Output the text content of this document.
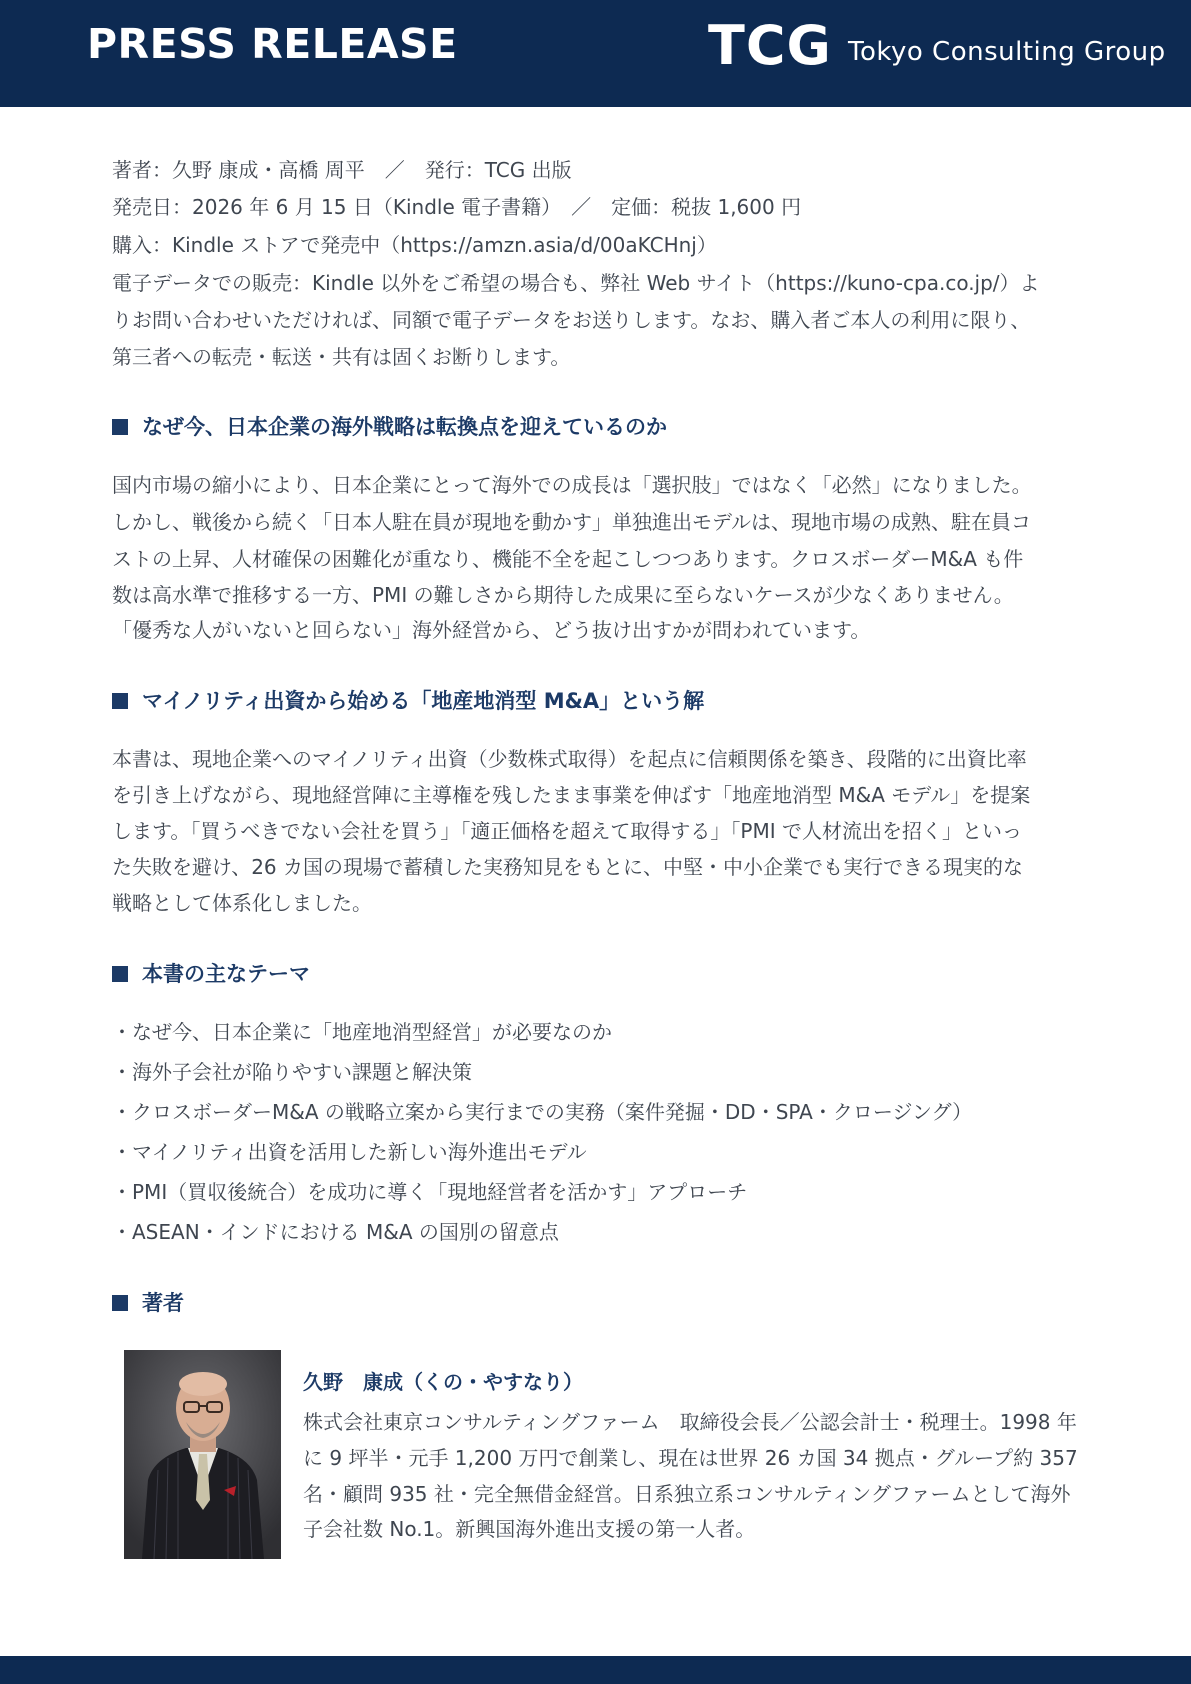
PRESS RELEASE	TCG Tokyo Consulting Group
著者：久野 康成・高橋 周平　／　発行：TCG 出版
発売日：2026 年 6 月 15 日（Kindle 電子書籍）　／　定価：税抜 1,600 円
購入：Kindle ストアで発売中（https://amzn.asia/d/00aKCHnj）
電子データでの販売：Kindle 以外をご希望の場合も、弊社 Web サイト（https://kuno-cpa.co.jp/）よ
りお問い合わせいただければ、同額で電子データをお送りします。なお、購入者ご本人の利用に限り、
第三者への転売・転送・共有は固くお断りします。
なぜ今、日本企業の海外戦略は転換点を迎えているのか
国内市場の縮小により、日本企業にとって海外での成長は「選択肢」ではなく「必然」になりました。
しかし、戦後から続く「日本人駐在員が現地を動かす」単独進出モデルは、現地市場の成熟、駐在員コ
ストの上昇、人材確保の困難化が重なり、機能不全を起こしつつあります。クロスボーダーM&A も件
数は高水準で推移する一方、PMI の難しさから期待した成果に至らないケースが少なくありません。
「優秀な人がいないと回らない」海外経営から、どう抜け出すかが問われています。
マイノリティ出資から始める「地産地消型 M&A」という解
本書は、現地企業へのマイノリティ出資（少数株式取得）を起点に信頼関係を築き、段階的に出資比率
を引き上げながら、現地経営陣に主導権を残したまま事業を伸ばす「地産地消型 M&A モデル」を提案
します。「買うべきでない会社を買う」「適正価格を超えて取得する」「PMI で人材流出を招く」といっ
た失敗を避け、26 カ国の現場で蓄積した実務知見をもとに、中堅・中小企業でも実行できる現実的な
戦略として体系化しました。
本書の主なテーマ
・なぜ今、日本企業に「地産地消型経営」が必要なのか
・海外子会社が陥りやすい課題と解決策
・クロスボーダーM&A の戦略立案から実行までの実務（案件発掘・DD・SPA・クロージング）
・マイノリティ出資を活用した新しい海外進出モデル
・PMI（買収後統合）を成功に導く「現地経営者を活かす」アプローチ
・ASEAN・インドにおける M&A の国別の留意点
著者
久野　康成（くの・やすなり）
株式会社東京コンサルティングファーム　取締役会長／公認会計士・税理士。1998 年
に 9 坪半・元手 1,200 万円で創業し、現在は世界 26 カ国 34 拠点・グループ約 357
名・顧問 935 社・完全無借金経営。日系独立系コンサルティングファームとして海外
子会社数 No.1。新興国海外進出支援の第一人者。
